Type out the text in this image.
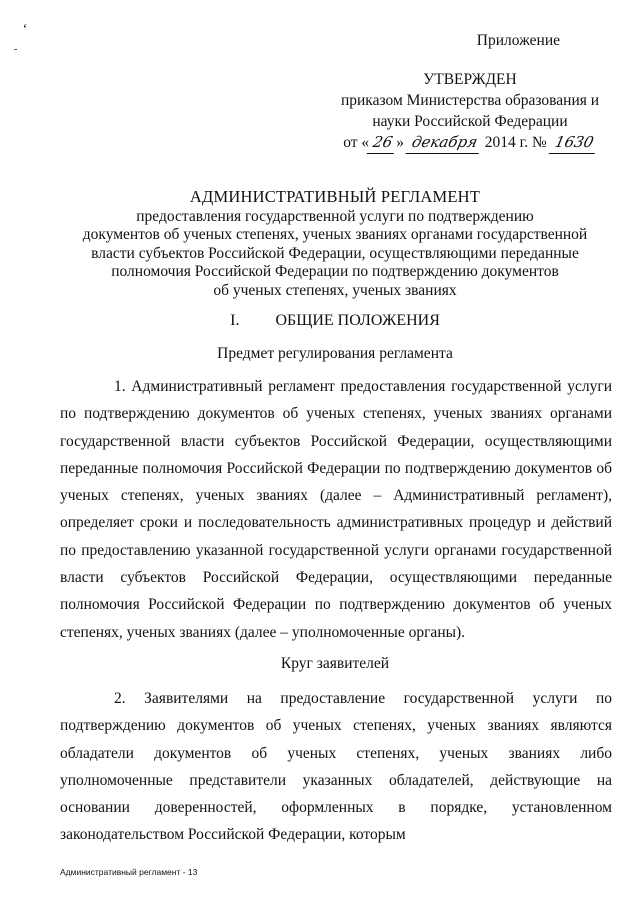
‘
-
Приложение
УТВЕРЖДЕН
приказом Министерства образования и
науки Российской Федерации
от « 26 » декабря 2014 г. № 1630
АДМИНИСТРАТИВНЫЙ РЕГЛАМЕНТ
предоставления государственной услуги по подтверждению
документов об ученых степенях, ученых званиях органами государственной
власти субъектов Российской Федерации, осуществляющими переданные
полномочия Российской Федерации по подтверждению документов
об ученых степенях, ученых званиях
I. ОБЩИЕ ПОЛОЖЕНИЯ
Предмет регулирования регламента

1. Административный регламент предоставления государственной услуги по подтверждению документов об ученых степенях, ученых званиях органами государственной власти субъектов Российской Федерации, осуществляющими переданные полномочия Российской Федерации по подтверждению документов об ученых степенях, ученых званиях (далее – Административный регламент), определяет сроки и последовательность административных процедур и действий по предоставлению указанной государственной услуги органами государственной власти субъектов Российской Федерации, осуществляющими переданные полномочия Российской Федерации по подтверждению документов об ученых степенях, ученых званиях (далее – уполномоченные органы).

Круг заявителей

2. Заявителями на предоставление государственной услуги по подтверждению документов об ученых степенях, ученых званиях являются обладатели документов об ученых степенях, ученых званиях либо уполномоченные представители указанных обладателей, действующие на основании доверенностей, оформленных в порядке, установленном законодательством Российской Федерации, которым

Административный регламент - 13
